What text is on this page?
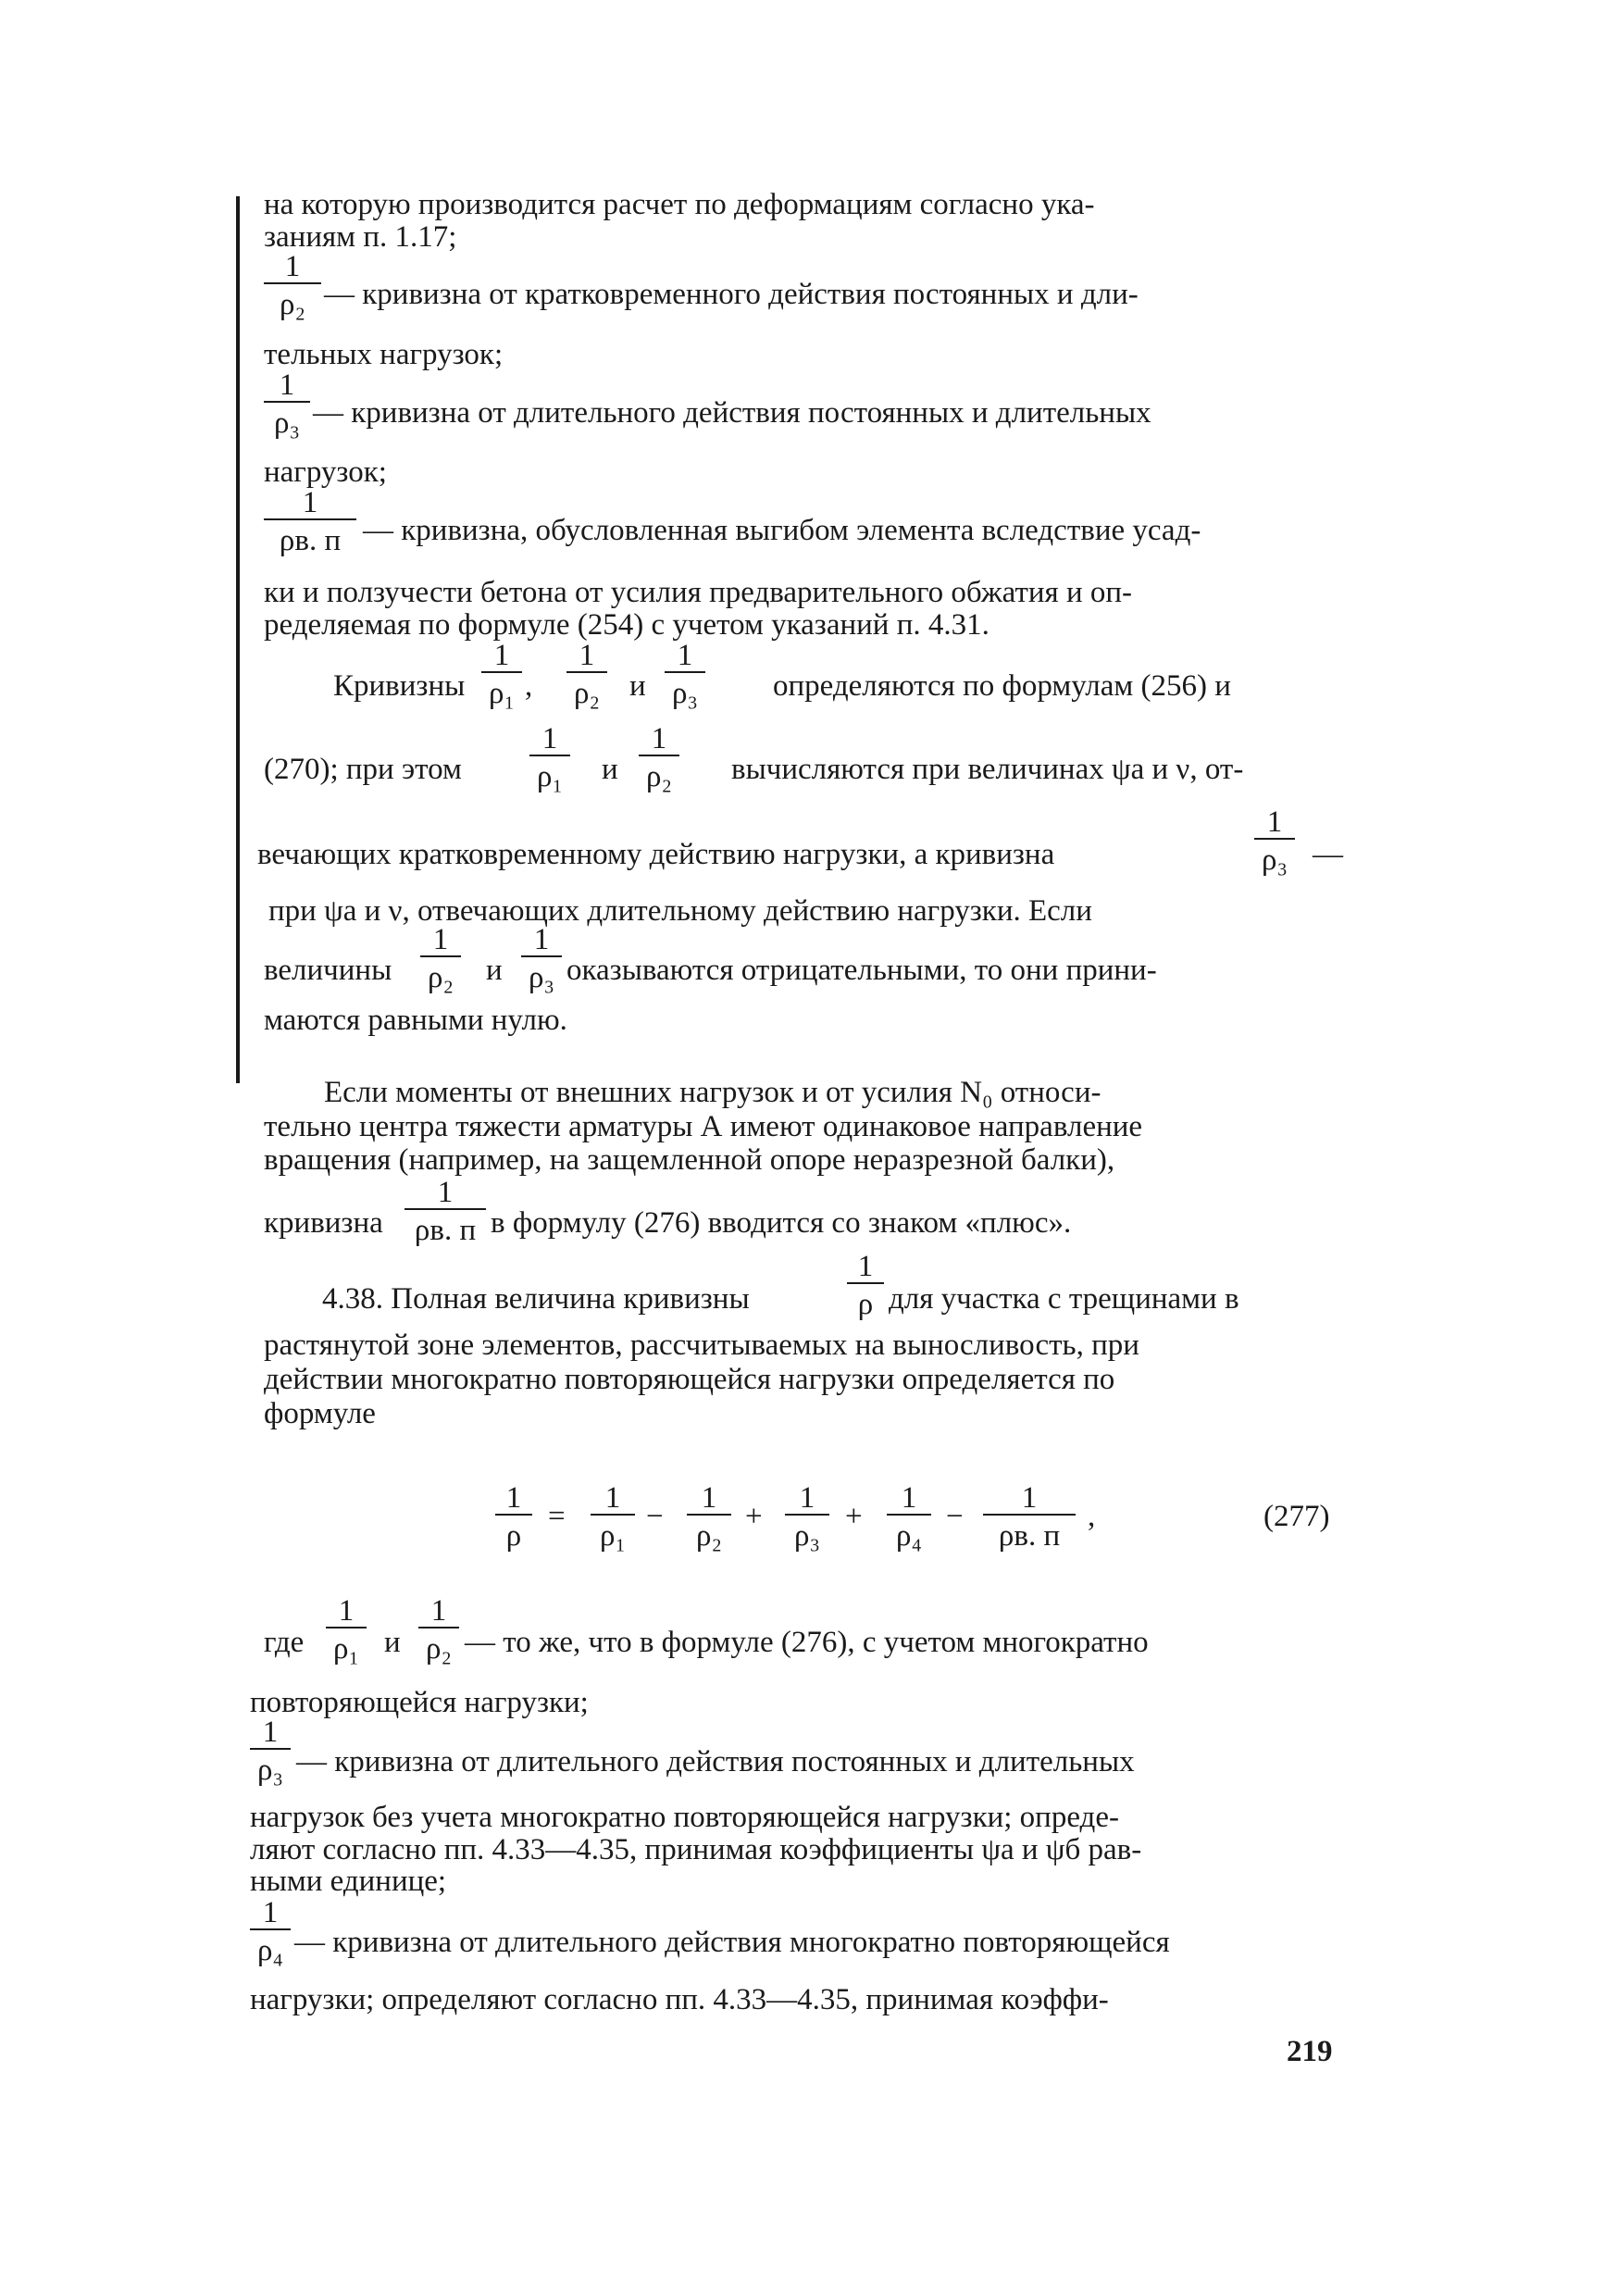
на которую производится расчет по деформациям согласно ука-
заниям п. 1.17;
1
ρ₂ — кривизна от кратковременного действия постоянных и дли-
тельных нагрузок;
1
ρ₃ — кривизна от длительного действия постоянных и длительных
нагрузок;
1
ρв. п — кривизна, обусловленная выгибом элемента вследствие усад-
ки и ползучести бетона от усилия предварительного обжатия и оп-
ределяемая по формуле (254) с учетом указаний п. 4.31.
Кривизны
1
ρ₁ ,
1
ρ₂ и
1
ρ₃ определяются по формулам (256) и
(270); при этом
1
ρ₁ и
1
ρ₂ вычисляются при величинах ψа и ν, от-
вечающих кратковременному действию нагрузки, а кривизна
1
ρ₃ —
при ψа и ν, отвечающих длительному действию нагрузки. Если
величины
1
ρ₂ и
1
ρ₃ оказываются отрицательными, то они прини-
маются равными нулю.
Если моменты от внешних нагрузок и от усилия N₀ относи-
тельно центра тяжести арматуры А имеют одинаковое направление
вращения (например, на защемленной опоре неразрезной балки),
кривизна
1
ρв. п в формулу (276) вводится со знаком «плюс».
4.38. Полная величина кривизны
1
ρ для участка с трещинами в
растянутой зоне элементов, рассчитываемых на выносливость, при
действии многократно повторяющейся нагрузки определяется по
формуле
1
ρ
=
1
ρ₁
−
1
ρ₂
+
1
ρ₃
+
1
ρ₄
−
1
ρв. п
,	(277)
где
1
ρ₁ и
1
ρ₂ — то же, что в формуле (276), с учетом многократно
повторяющейся нагрузки;
1
ρ₃ — кривизна от длительного действия постоянных и длительных
нагрузок без учета многократно повторяющейся нагрузки; опреде-
ляют согласно пп. 4.33—4.35, принимая коэффициенты ψа и ψб рав-
ными единице;
1
ρ₄ — кривизна от длительного действия многократно повторяющейся
нагрузки; определяют согласно пп. 4.33—4.35, принимая коэффи-
219
